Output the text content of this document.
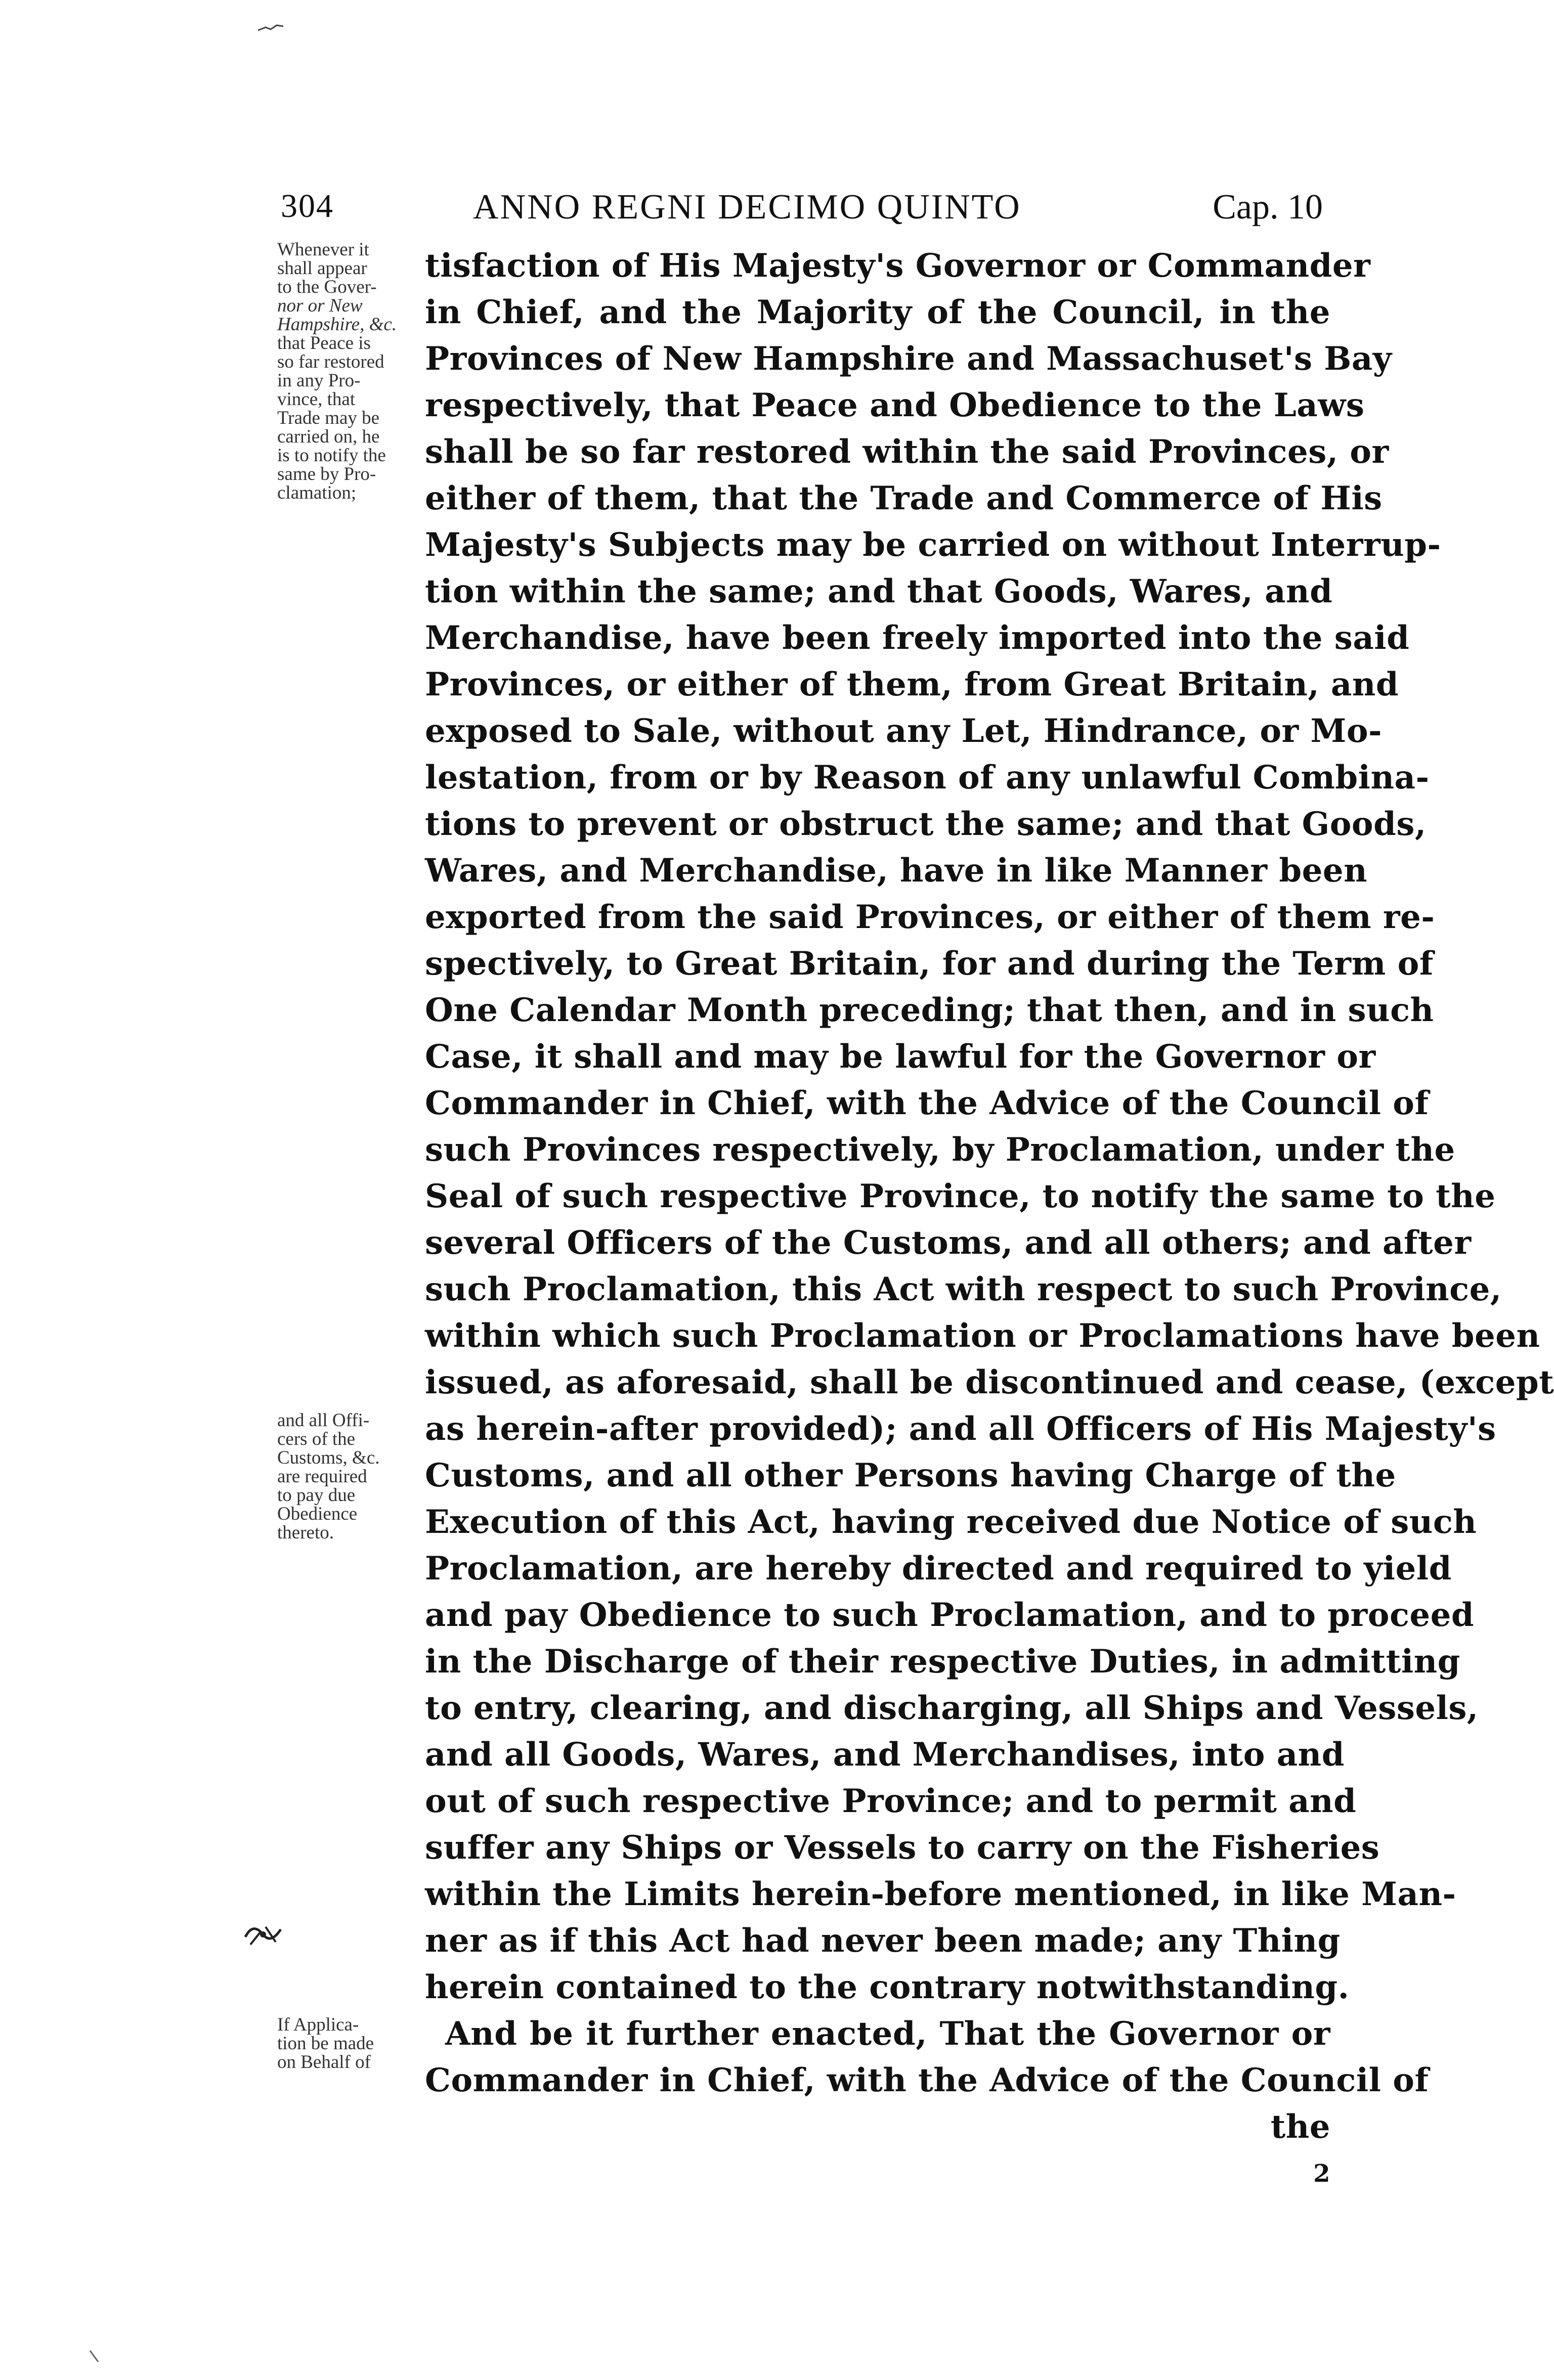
304	ANNO REGNI DECIMO QUINTO	Cap. 10
Whenever it
shall appear
to the Gover-
nor or New
Hampshire, &c.
that Peace is
so far restored
in any Pro-
vince, that
Trade may be
carried on, he
is to notify the
same by Pro-
clamation;
and all Offi-
cers of the
Customs, &c.
are required
to pay due
Obedience
thereto.
If Applica-
tion be made
on Behalf of
tisfaction of His Majesty's Governor or Commander
in Chief, and the Majority of the Council, in the
Provinces of New Hampshire and Massachuset's Bay
respectively, that Peace and Obedience to the Laws
shall be so far restored within the said Provinces, or
either of them, that the Trade and Commerce of His
Majesty's Subjects may be carried on without Interrup-
tion within the same; and that Goods, Wares, and
Merchandise, have been freely imported into the said
Provinces, or either of them, from Great Britain, and
exposed to Sale, without any Let, Hindrance, or Mo-
lestation, from or by Reason of any unlawful Combina-
tions to prevent or obstruct the same; and that Goods,
Wares, and Merchandise, have in like Manner been
exported from the said Provinces, or either of them re-
spectively, to Great Britain, for and during the Term of
One Calendar Month preceding; that then, and in such
Case, it shall and may be lawful for the Governor or
Commander in Chief, with the Advice of the Council of
such Provinces respectively, by Proclamation, under the
Seal of such respective Province, to notify the same to the
several Officers of the Customs, and all others; and after
such Proclamation, this Act with respect to such Province,
within which such Proclamation or Proclamations have been
issued, as aforesaid, shall be discontinued and cease, (except
as herein-after provided); and all Officers of His Majesty's
Customs, and all other Persons having Charge of the
Execution of this Act, having received due Notice of such
Proclamation, are hereby directed and required to yield
and pay Obedience to such Proclamation, and to proceed
in the Discharge of their respective Duties, in admitting
to entry, clearing, and discharging, all Ships and Vessels,
and all Goods, Wares, and Merchandises, into and
out of such respective Province; and to permit and
suffer any Ships or Vessels to carry on the Fisheries
within the Limits herein-before mentioned, in like Man-
ner as if this Act had never been made; any Thing
herein contained to the contrary notwithstanding.
And be it further enacted, That the Governor or
Commander in Chief, with the Advice of the Council of
the
2
